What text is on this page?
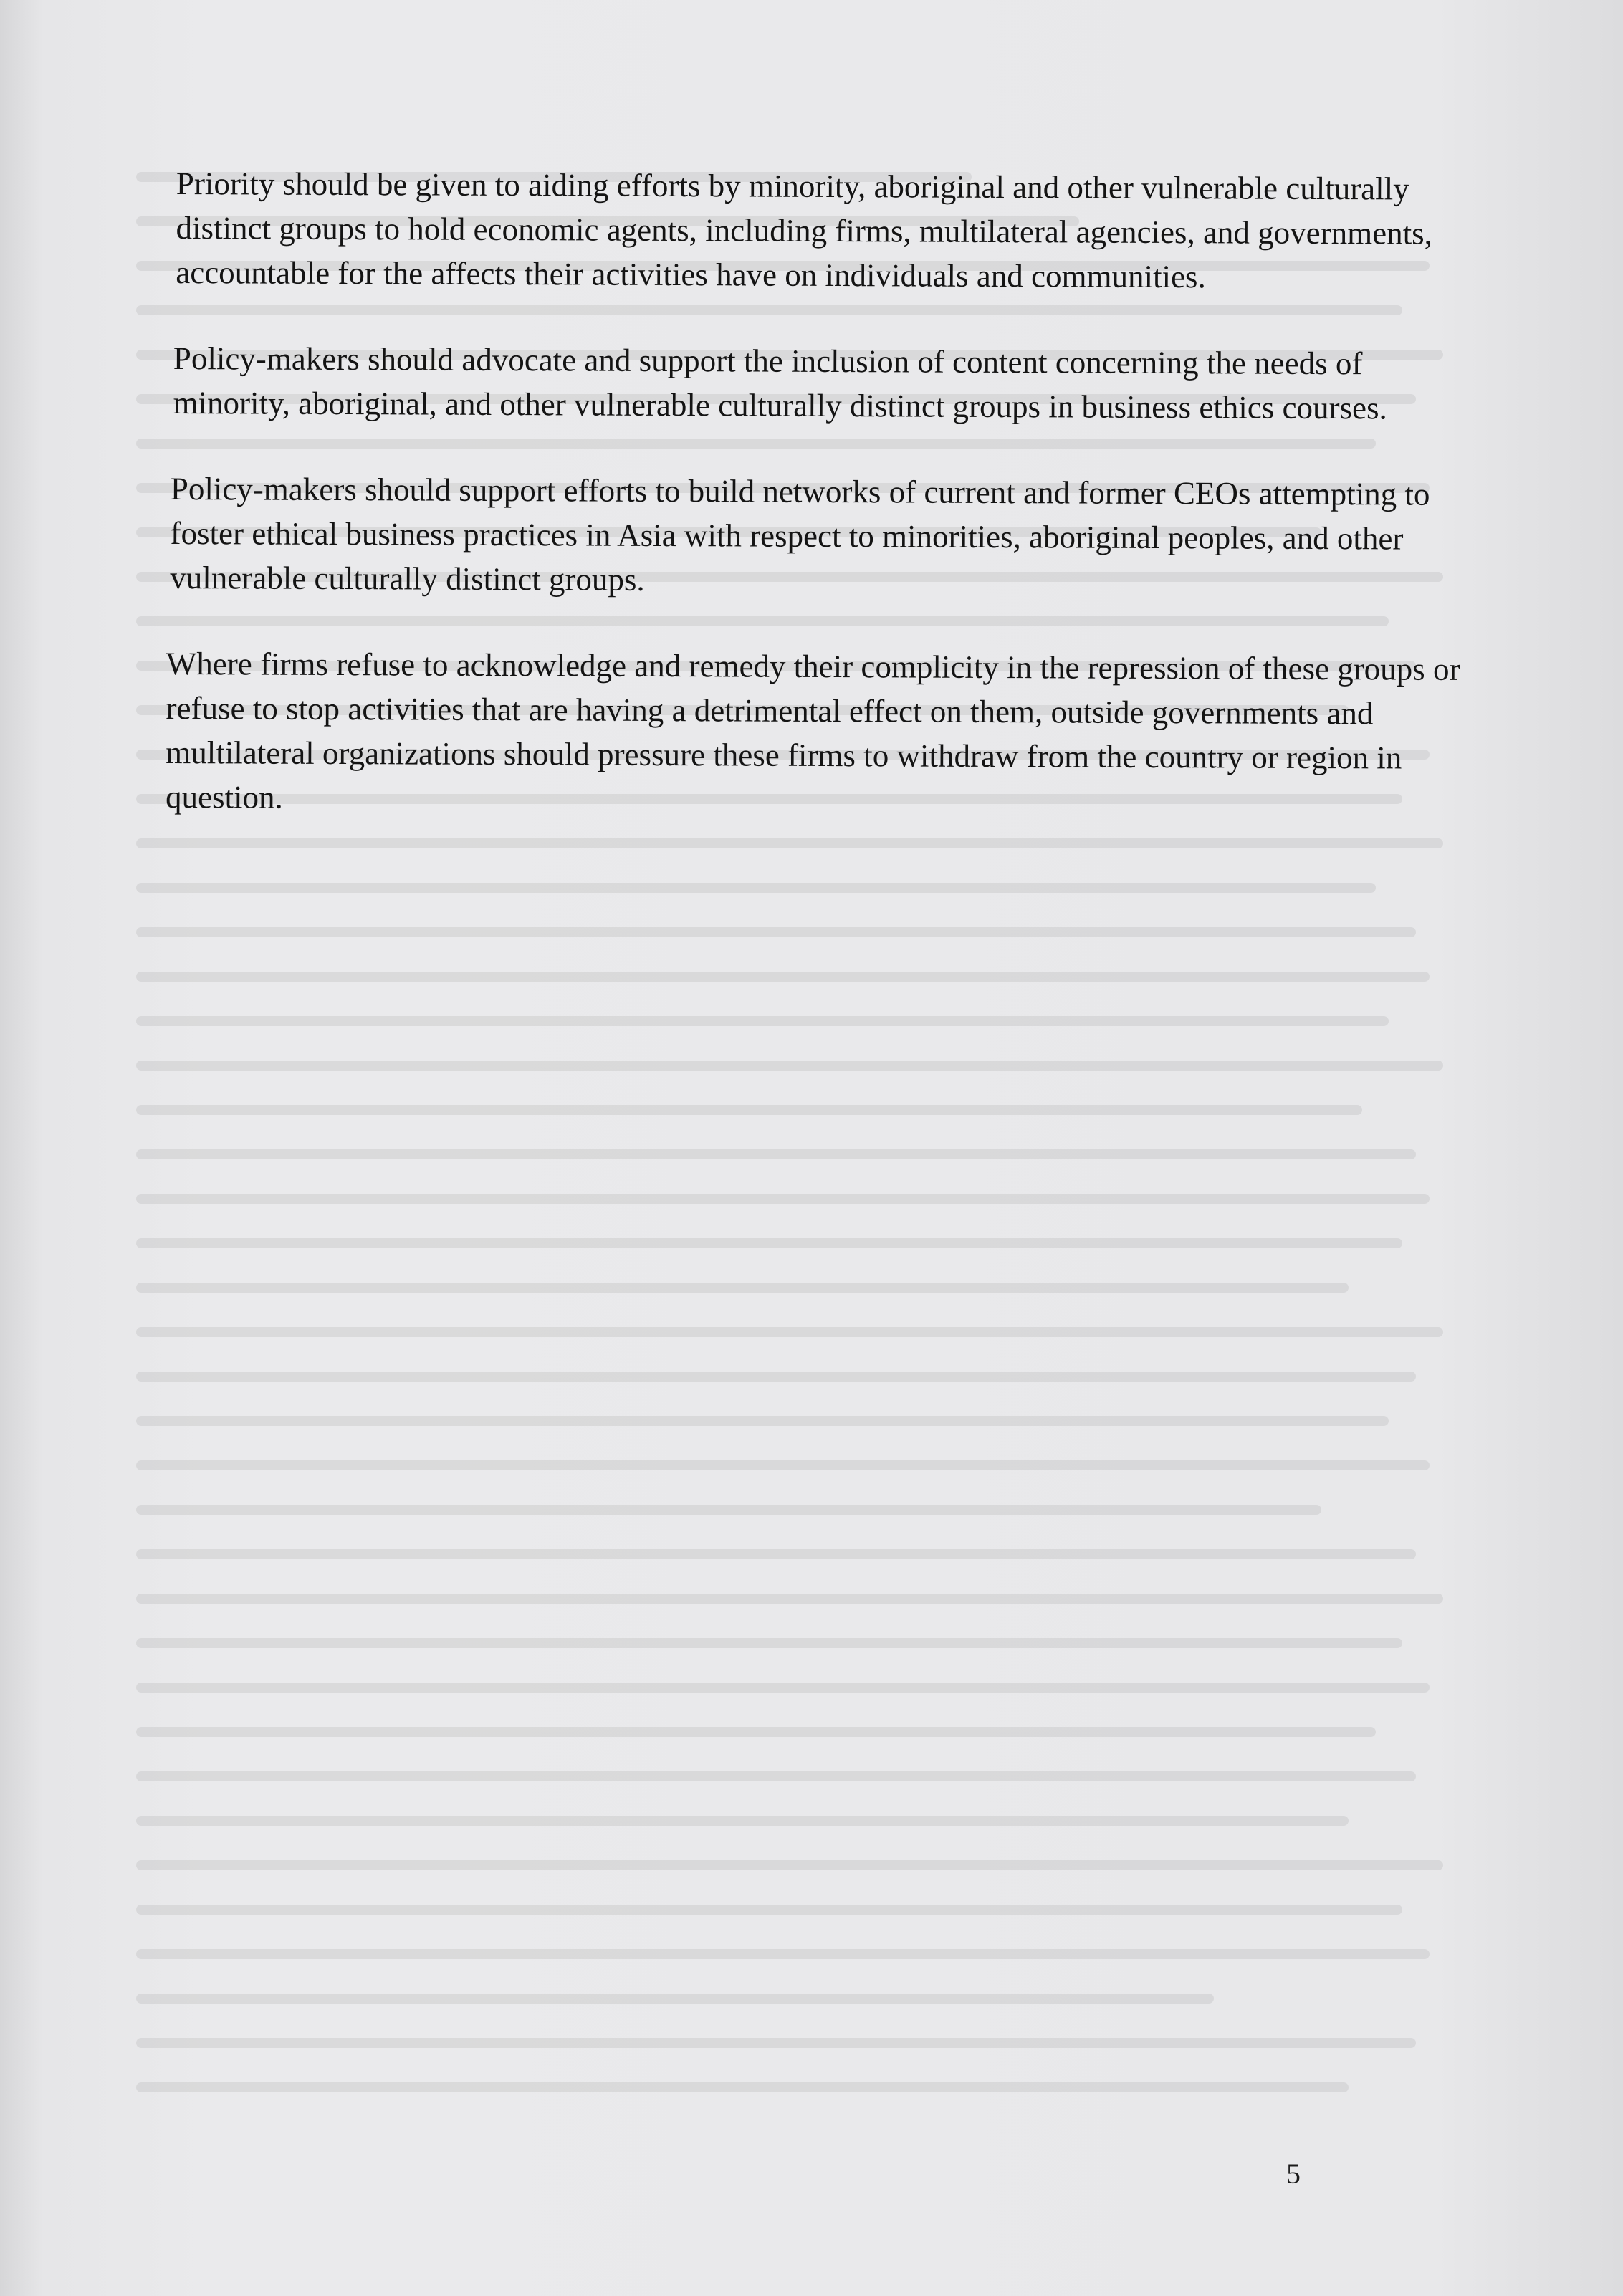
Priority should be given to aiding efforts by minority, aboriginal and other vulnerable culturally distinct groups to hold economic agents, including firms, multilateral agencies, and governments, accountable for the affects their activities have on individuals and communities.

Policy-makers should advocate and support the inclusion of content concerning the needs of minority, aboriginal, and other vulnerable culturally distinct groups in business ethics courses.

Policy-makers should support efforts to build networks of current and former CEOs attempting to foster ethical business practices in Asia with respect to minorities, aboriginal peoples, and other vulnerable culturally distinct groups.

Where firms refuse to acknowledge and remedy their complicity in the repression of these groups or refuse to stop activities that are having a detrimental effect on them, outside governments and multilateral organizations should pressure these firms to withdraw from the country or region in question.

5
